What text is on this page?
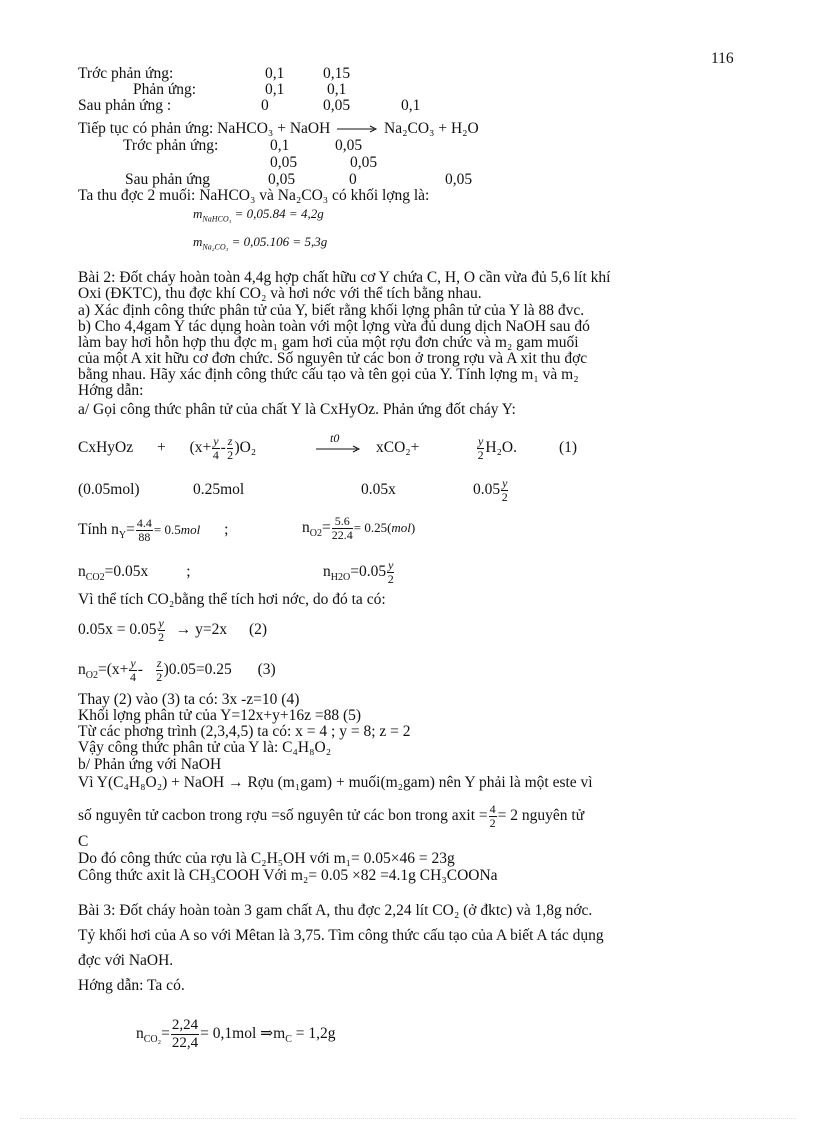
116
Trớc phản ứng:	0,1 0,15
Phản ứng:	0,1	0,1
Sau phản ứng :	0	0,05	0,1
Tiếp tục có phản ứng: NaHCO₃ + NaOH	Na₂CO₃ + H₂O
Trớc phản ứng:	0,1	0,05
0,05	0,05
Sau phản ứng	0,05	0	0,05
Ta thu đợc 2 muối: NaHCO₃ và Na₂CO₃ có khối lợng là:
$m_{NaHCO_3} = 0,05.84 = 4,2g$
$m_{Na_2CO_3} = 0,05.106 = 5,3g$
Bài 2: Đốt cháy hoàn toàn 4,4g hợp chất hữu cơ Y chứa C, H, O cần vừa đủ 5,6 lít khí
Oxi (ĐKTC), thu đợc khí CO₂ và hơi nớc với thể tích bằng nhau.
a) Xác định công thức phân tử của Y, biết rằng khối lợng phân tử của Y là 88 đvc.
b) Cho 4,4gam Y tác dụng hoàn toàn với một lợng vừa đủ dung dịch NaOH sau đó
làm bay hơi hỗn hợp thu đợc m₁ gam hơi của một rợu đơn chức và m₂ gam muối
của một A xit hữu cơ đơn chức. Số nguyên tử các bon ở trong rợu và A xit thu đợc
bằng nhau. Hãy xác định công thức cấu tạo và tên gọi của Y. Tính lợng m₁ và m₂
Hớng dẫn:
a/ Gọi công thức phân tử của chất Y là CxHyOz. Phản ứng đốt cháy Y:
CxHyOz + $(x+ \frac{y}{4} - \frac{z}{2} )O_2$
t0
xCO₂+	$\frac{y}{2} H_2O$.	(1)
(0.05mol)	0.25mol	0.05x	$0.05 \frac{y}{2}$
Tính $n_Y= \frac{4.4}{88} = 0.5mol$ ;	$n_{O2}= \frac{5.6}{22.4} = 0.25(mol)$
$n_{CO2}=0.05x$ ;	$n_{H2O}=0.05 \frac{y}{2}$
Vì thể tích CO₂bằng thể tích hơi nớc, do đó ta có:
$0.05x = 0.05 \frac{y}{2} \to y=2x$ (2)
$n_{O2}=(x+ \frac{y}{4} - \frac{z}{2} )0.05=0.25$ (3)
Thay (2) vào (3) ta có: 3x -z=10 (4)
Khối lợng phân tử của Y=12x+y+16z =88 (5)
Từ các phơng trình (2,3,4,5) ta có: x = 4 ; y = 8; z = 2
Vậy công thức phân tử của Y là: C₄H₈O₂
b/ Phản ứng với NaOH
Vì Y(C₄H₈O₂) + NaOH → Rợu (m₁gam) + muối(m₂gam) nên Y phải là một este vì
số nguyên tử cacbon trong rợu =số nguyên tử các bon trong axit = $\frac{4}{2} = 2$ nguyên tử
C
Do đó công thức của rợu là C₂H₅OH với m₁= 0.05×46 = 23g
Công thức axit là CH₃COOH Với m₂= 0.05 ×82 =4.1g CH₃COONa
Bài 3: Đốt cháy hoàn toàn 3 gam chất A, thu đợc 2,24 lít CO₂ (ở đktc) và 1,8g nớc.
Tỷ khối hơi của A so với Mêtan là 3,75. Tìm công thức cấu tạo của A biết A tác dụng
đợc với NaOH.
Hớng dẫn: Ta có.
$n_{CO_2}= \frac{2,24}{22,4} = 0,1mol$ $\Rightarrow m_C = 1,2g$
